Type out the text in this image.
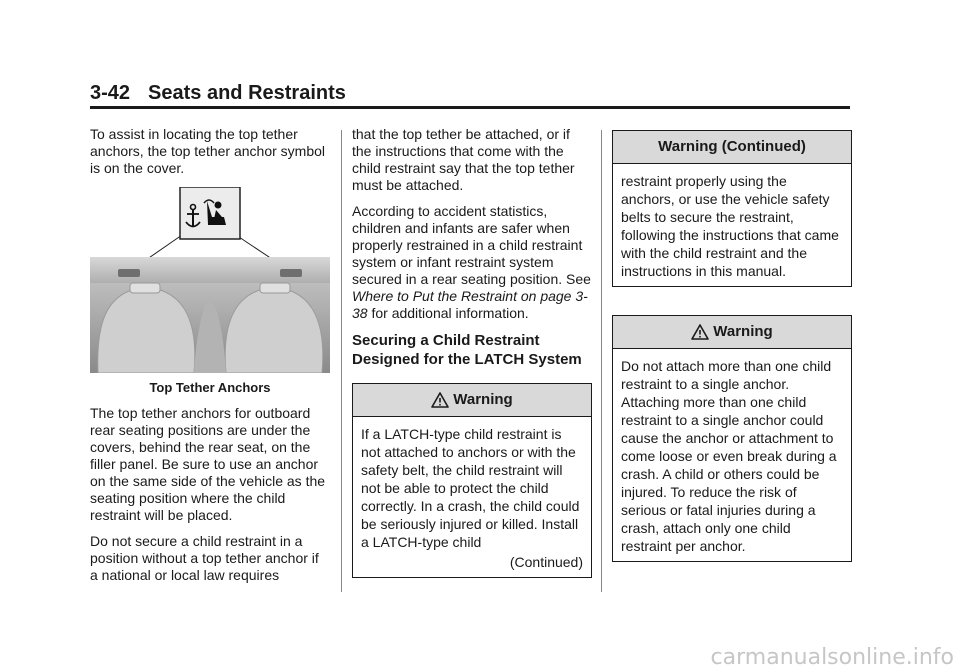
3-42 Seats and Restraints

To assist in locating the top tether anchors, the top tether anchor symbol is on the cover.

Top Tether Anchors

The top tether anchors for outboard rear seating positions are under the covers, behind the rear seat, on the filler panel. Be sure to use an anchor on the same side of the vehicle as the seating position where the child restraint will be placed.

Do not secure a child restraint in a position without a top tether anchor if a national or local law requires

that the top tether be attached, or if the instructions that come with the child restraint say that the top tether must be attached.

According to accident statistics, children and infants are safer when properly restrained in a child restraint system or infant restraint system secured in a rear seating position. See Where to Put the Restraint on page 3-38 for additional information.

Securing a Child Restraint Designed for the LATCH System
Warning
If a LATCH-type child restraint is not attached to anchors or with the safety belt, the child restraint will not be able to protect the child correctly. In a crash, the child could be seriously injured or killed. Install a LATCH-type child
(Continued)
Warning (Continued)
restraint properly using the anchors, or use the vehicle safety belts to secure the restraint, following the instructions that came with the child restraint and the instructions in this manual.
Warning
Do not attach more than one child restraint to a single anchor. Attaching more than one child restraint to a single anchor could cause the anchor or attachment to come loose or even break during a crash. A child or others could be injured. To reduce the risk of serious or fatal injuries during a crash, attach only one child restraint per anchor.
carmanualsonline.info
